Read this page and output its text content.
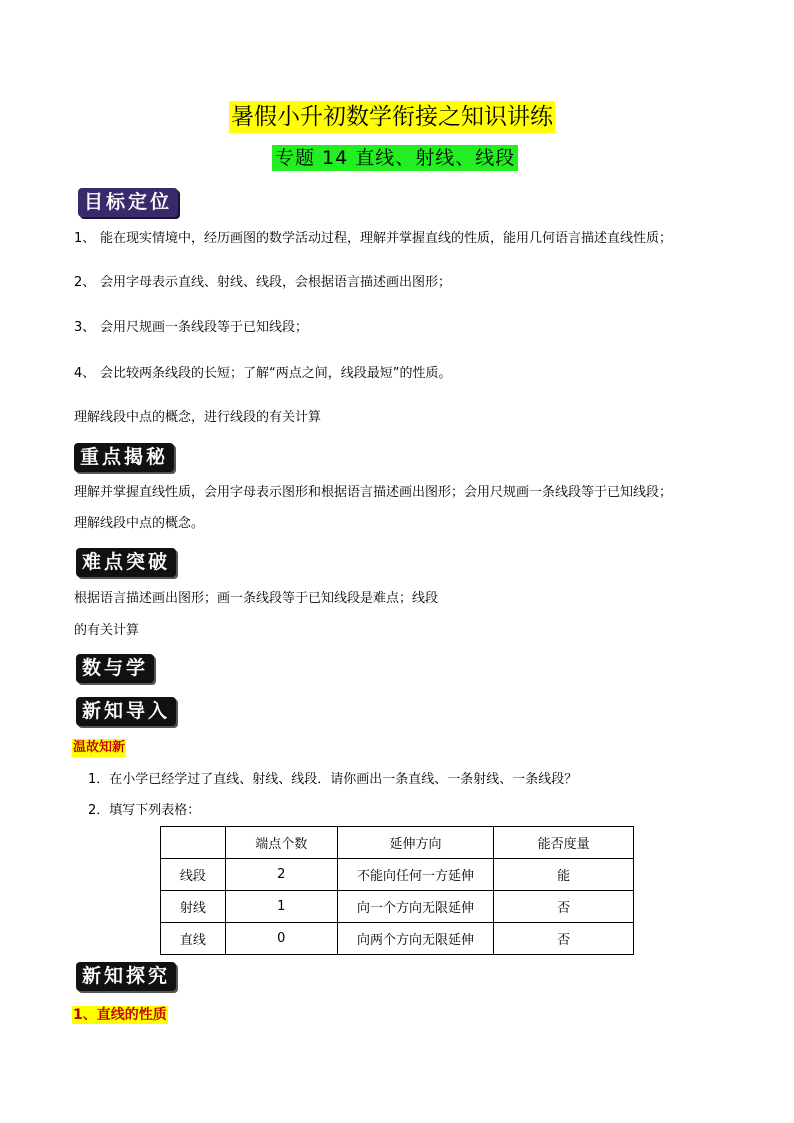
暑假小升初数学衔接之知识讲练
专题 14 直线、射线、线段
目标定位
1、 能在现实情境中，经历画图的数学活动过程，理解并掌握直线的性质，能用几何语言描述直线性质；
2、 会用字母表示直线、射线、线段，会根据语言描述画出图形；
3、 会用尺规画一条线段等于已知线段；
4、 会比较两条线段的长短；了解“两点之间，线段最短”的性质。
理解线段中点的概念，进行线段的有关计算
重点揭秘
理解并掌握直线性质，会用字母表示图形和根据语言描述画出图形；会用尺规画一条线段等于已知线段；
理解线段中点的概念。
难点突破
根据语言描述画出图形；画一条线段等于已知线段是难点；线段
的有关计算
数与学
新知导入
温故知新
1．在小学已经学过了直线、射线、线段．请你画出一条直线、一条射线、一条线段？
2．填写下列表格：
	端点个数	延伸方向	能否度量
线段	2	不能向任何一方延伸	能
射线	1	向一个方向无限延伸	否
直线	0	向两个方向无限延伸	否
新知探究
1、直线的性质
